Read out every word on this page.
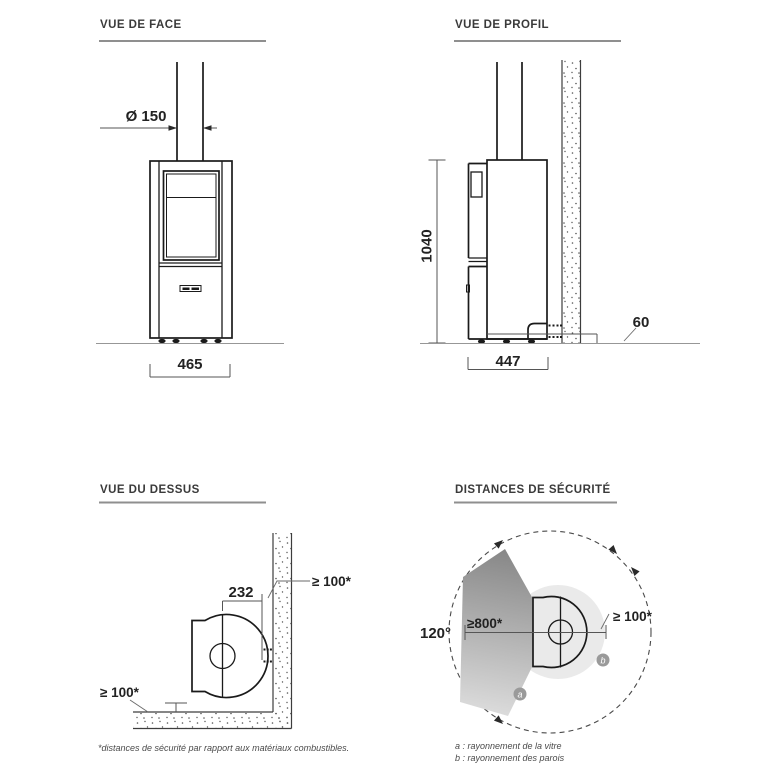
VUE DE FACE
Ø 150
465
VUE DE PROFIL
1040
60
447
VUE DU DESSUS
232
≥ 100*
≥ 100*
*distances de sécurité par rapport aux matériaux combustibles.
DISTANCES DE SÉCURITÉ
≥800*	≥ 100*
120°
a
b
a : rayonnement de la vitre
b : rayonnement des parois
